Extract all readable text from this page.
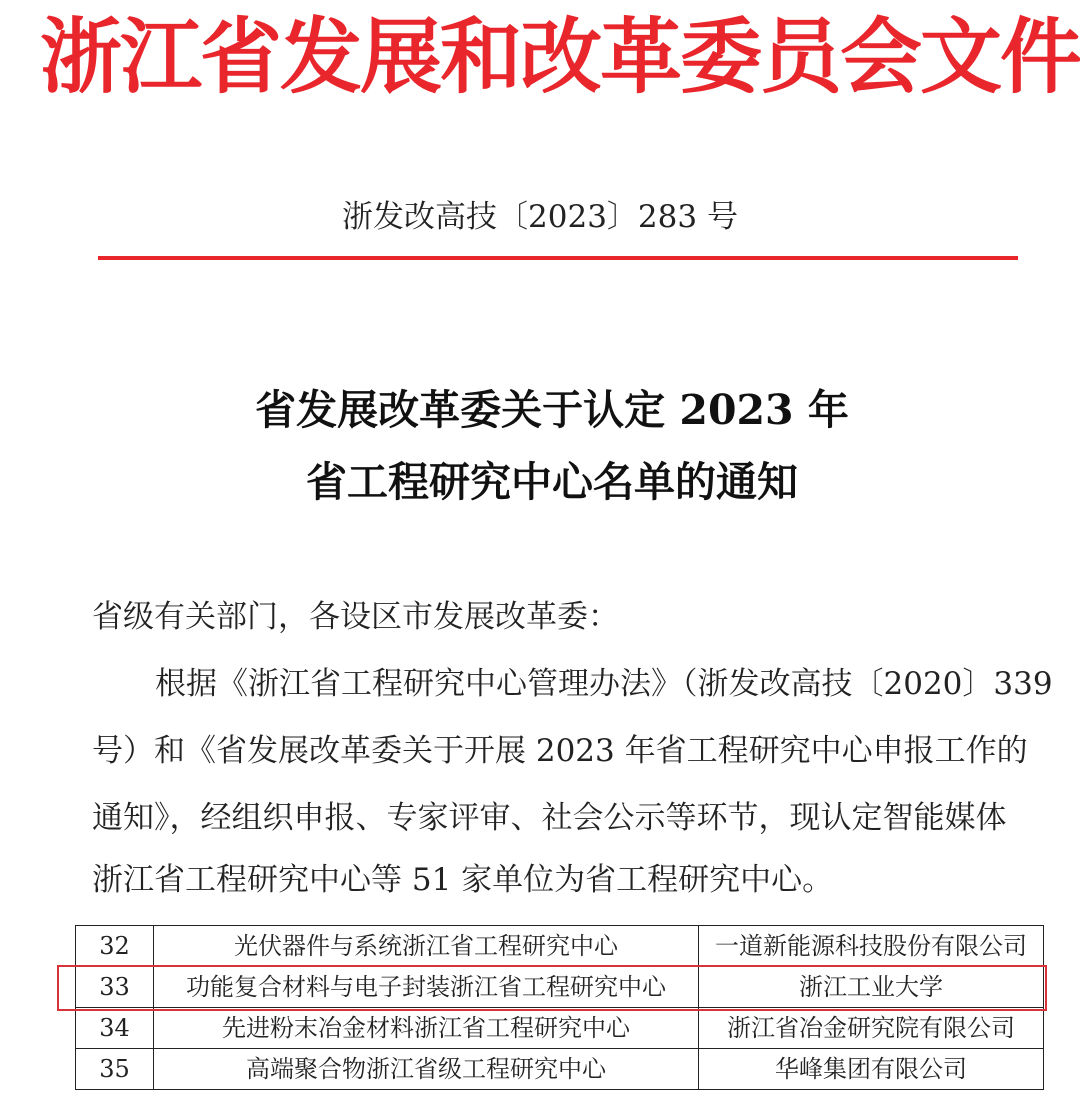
浙江省发展和改革委员会文件
浙发改高技〔2023〕283 号
省发展改革委关于认定 2023 年
省工程研究中心名单的通知
省级有关部门，各设区市发展改革委：
根据《浙江省工程研究中心管理办法》（浙发改高技〔2020〕339
号）和《省发展改革委关于开展 2023 年省工程研究中心申报工作的
通知》，经组织申报、专家评审、社会公示等环节，现认定智能媒体
浙江省工程研究中心等 51 家单位为省工程研究中心。
32	光伏器件与系统浙江省工程研究中心	一道新能源科技股份有限公司
33	功能复合材料与电子封装浙江省工程研究中心	浙江工业大学
34	先进粉末冶金材料浙江省工程研究中心	浙江省冶金研究院有限公司
35	高端聚合物浙江省级工程研究中心	华峰集团有限公司
